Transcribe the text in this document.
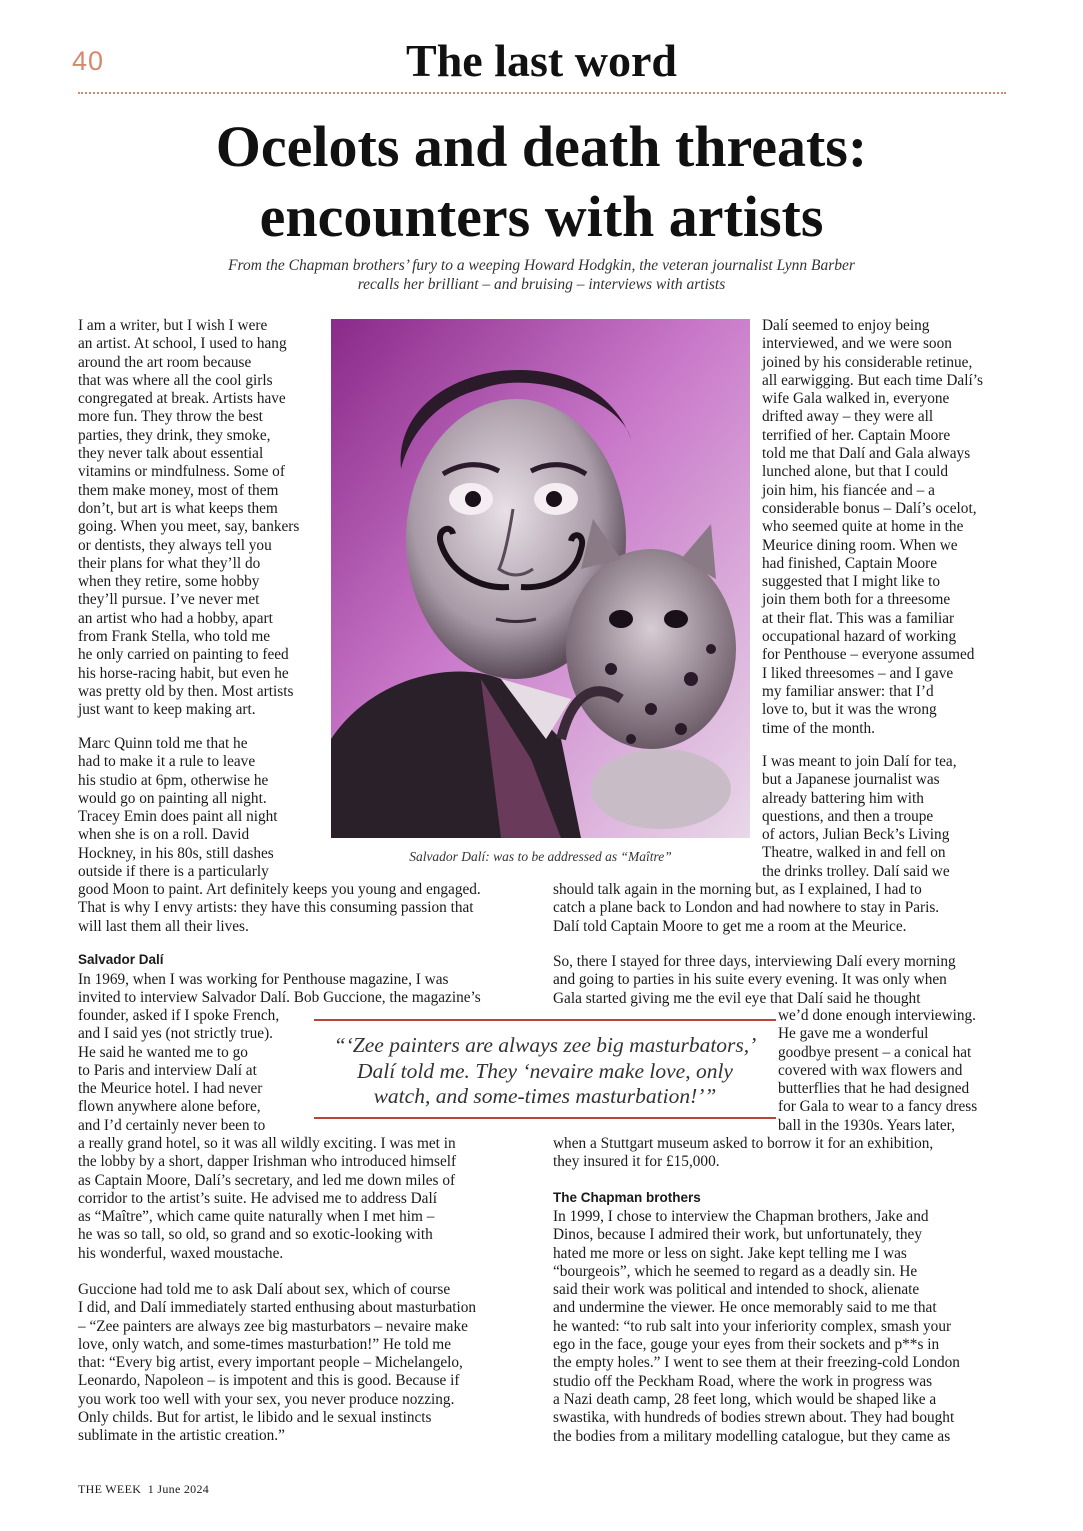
40	The last word
Ocelots and death threats:
encounters with artists
From the Chapman brothers’ fury to a weeping Howard Hodgkin, the veteran journalist Lynn Barber
recalls her brilliant – and bruising – interviews with artists
I am a writer, but I wish I were
an artist. At school, I used to hang
around the art room because
that was where all the cool girls
congregated at break. Artists have
more fun. They throw the best
parties, they drink, they smoke,
they never talk about essential
vitamins or mindfulness. Some of
them make money, most of them
don’t, but art is what keeps them
going. When you meet, say, bankers
or dentists, they always tell you
their plans for what they’ll do
when they retire, some hobby
they’ll pursue. I’ve never met
an artist who had a hobby, apart
from Frank Stella, who told me
he only carried on painting to feed
his horse-racing habit, but even he
was pretty old by then. Most artists
just want to keep making art.
Marc Quinn told me that he
had to make it a rule to leave
his studio at 6pm, otherwise he
would go on painting all night.
Tracey Emin does paint all night
when she is on a roll. David
Hockney, in his 80s, still dashes
outside if there is a particularly
good Moon to paint. Art definitely keeps you young and engaged.
That is why I envy artists: they have this consuming passion that
will last them all their lives.
Salvador Dalí
In 1969, when I was working for Penthouse magazine, I was
invited to interview Salvador Dalí. Bob Guccione, the magazine’s
founder, asked if I spoke French,
and I said yes (not strictly true).
He said he wanted me to go
to Paris and interview Dalí at
the Meurice hotel. I had never
flown anywhere alone before,
and I’d certainly never been to
a really grand hotel, so it was all wildly exciting. I was met in
the lobby by a short, dapper Irishman who introduced himself
as Captain Moore, Dalí’s secretary, and led me down miles of
corridor to the artist’s suite. He advised me to address Dalí
as “Maître”, which came quite naturally when I met him –
he was so tall, so old, so grand and so exotic-looking with
his wonderful, waxed moustache.
Guccione had told me to ask Dalí about sex, which of course
I did, and Dalí immediately started enthusing about masturbation
– “Zee painters are always zee big masturbators – nevaire make
love, only watch, and some-times masturbation!” He told me
that: “Every big artist, every important people – Michelangelo,
Leonardo, Napoleon – is impotent and this is good. Because if
you work too well with your sex, you never produce nozzing.
Only childs. But for artist, le libido and le sexual instincts
sublimate in the artistic creation.”
Salvador Dalí: was to be addressed as “Maître”
“‘Zee painters are always zee big masturbators,’
Dalí told me. They ‘nevaire make love, only
watch, and some-times masturbation!’”
Dalí seemed to enjoy being
interviewed, and we were soon
joined by his considerable retinue,
all earwigging. But each time Dalí’s
wife Gala walked in, everyone
drifted away – they were all
terrified of her. Captain Moore
told me that Dalí and Gala always
lunched alone, but that I could
join him, his fiancée and – a
considerable bonus – Dalí’s ocelot,
who seemed quite at home in the
Meurice dining room. When we
had finished, Captain Moore
suggested that I might like to
join them both for a threesome
at their flat. This was a familiar
occupational hazard of working
for Penthouse – everyone assumed
I liked threesomes – and I gave
my familiar answer: that I’d
love to, but it was the wrong
time of the month.
I was meant to join Dalí for tea,
but a Japanese journalist was
already battering him with
questions, and then a troupe
of actors, Julian Beck’s Living
Theatre, walked in and fell on
the drinks trolley. Dalí said we
should talk again in the morning but, as I explained, I had to
catch a plane back to London and had nowhere to stay in Paris.
Dalí told Captain Moore to get me a room at the Meurice.
So, there I stayed for three days, interviewing Dalí every morning
and going to parties in his suite every evening. It was only when
Gala started giving me the evil eye that Dalí said he thought
we’d done enough interviewing.
He gave me a wonderful
goodbye present – a conical hat
covered with wax flowers and
butterflies that he had designed
for Gala to wear to a fancy dress
ball in the 1930s. Years later,
when a Stuttgart museum asked to borrow it for an exhibition,
they insured it for £15,000.
The Chapman brothers
In 1999, I chose to interview the Chapman brothers, Jake and
Dinos, because I admired their work, but unfortunately, they
hated me more or less on sight. Jake kept telling me I was
“bourgeois”, which he seemed to regard as a deadly sin. He
said their work was political and intended to shock, alienate
and undermine the viewer. He once memorably said to me that
he wanted: “to rub salt into your inferiority complex, smash your
ego in the face, gouge your eyes from their sockets and p**s in
the empty holes.” I went to see them at their freezing-cold London
studio off the Peckham Road, where the work in progress was
a Nazi death camp, 28 feet long, which would be shaped like a
swastika, with hundreds of bodies strewn about. They had bought
the bodies from a military modelling catalogue, but they came as
THE WEEK 1 June 2024
